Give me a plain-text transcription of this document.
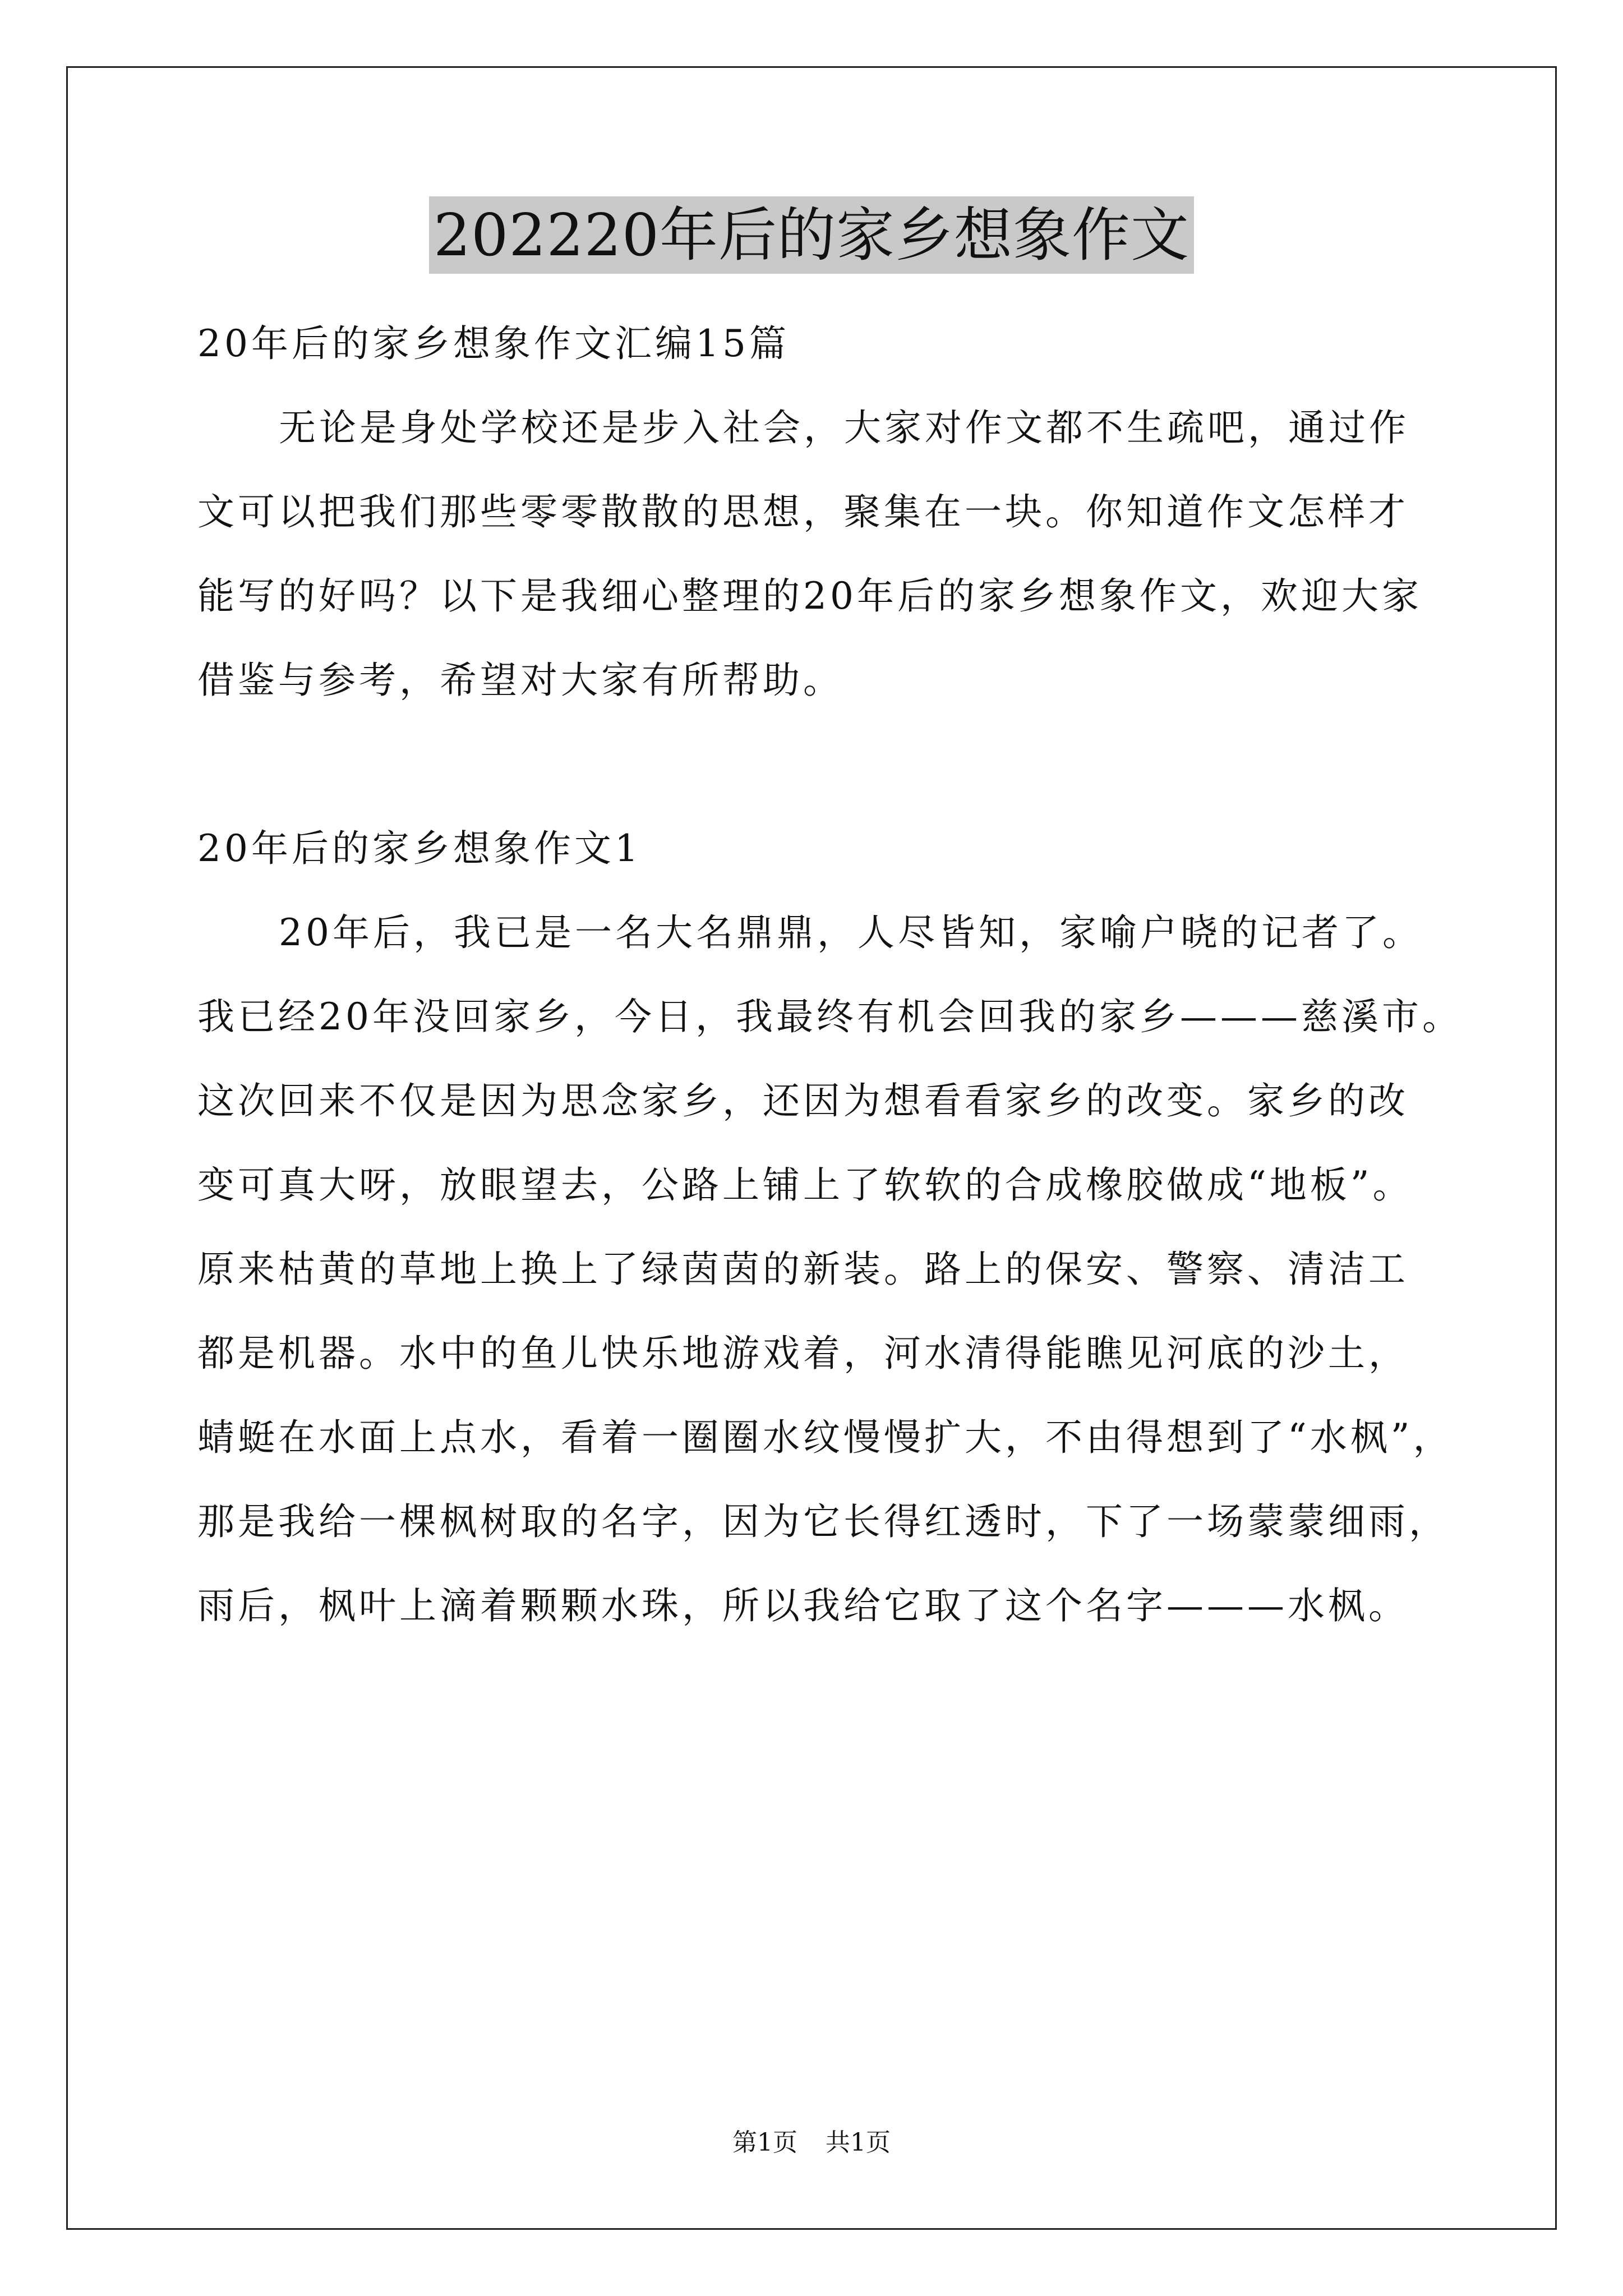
202220年后的家乡想象作文
20年后的家乡想象作文汇编15篇
无论是身处学校还是步入社会，大家对作文都不生疏吧，通过作
文可以把我们那些零零散散的思想，聚集在一块。你知道作文怎样才
能写的好吗？以下是我细心整理的20年后的家乡想象作文，欢迎大家
借鉴与参考，希望对大家有所帮助。
20年后的家乡想象作文1
20年后，我已是一名大名鼎鼎，人尽皆知，家喻户晓的记者了。
我已经20年没回家乡，今日，我最终有机会回我的家乡———慈溪市。
这次回来不仅是因为思念家乡，还因为想看看家乡的改变。家乡的改
变可真大呀，放眼望去，公路上铺上了软软的合成橡胶做成“地板”。
原来枯黄的草地上换上了绿茵茵的新装。路上的保安、警察、清洁工
都是机器。水中的鱼儿快乐地游戏着，河水清得能瞧见河底的沙土，
蜻蜓在水面上点水，看着一圈圈水纹慢慢扩大，不由得想到了“水枫”，
那是我给一棵枫树取的名字，因为它长得红透时，下了一场蒙蒙细雨，
雨后，枫叶上滴着颗颗水珠，所以我给它取了这个名字———水枫。
第1页 共1页
